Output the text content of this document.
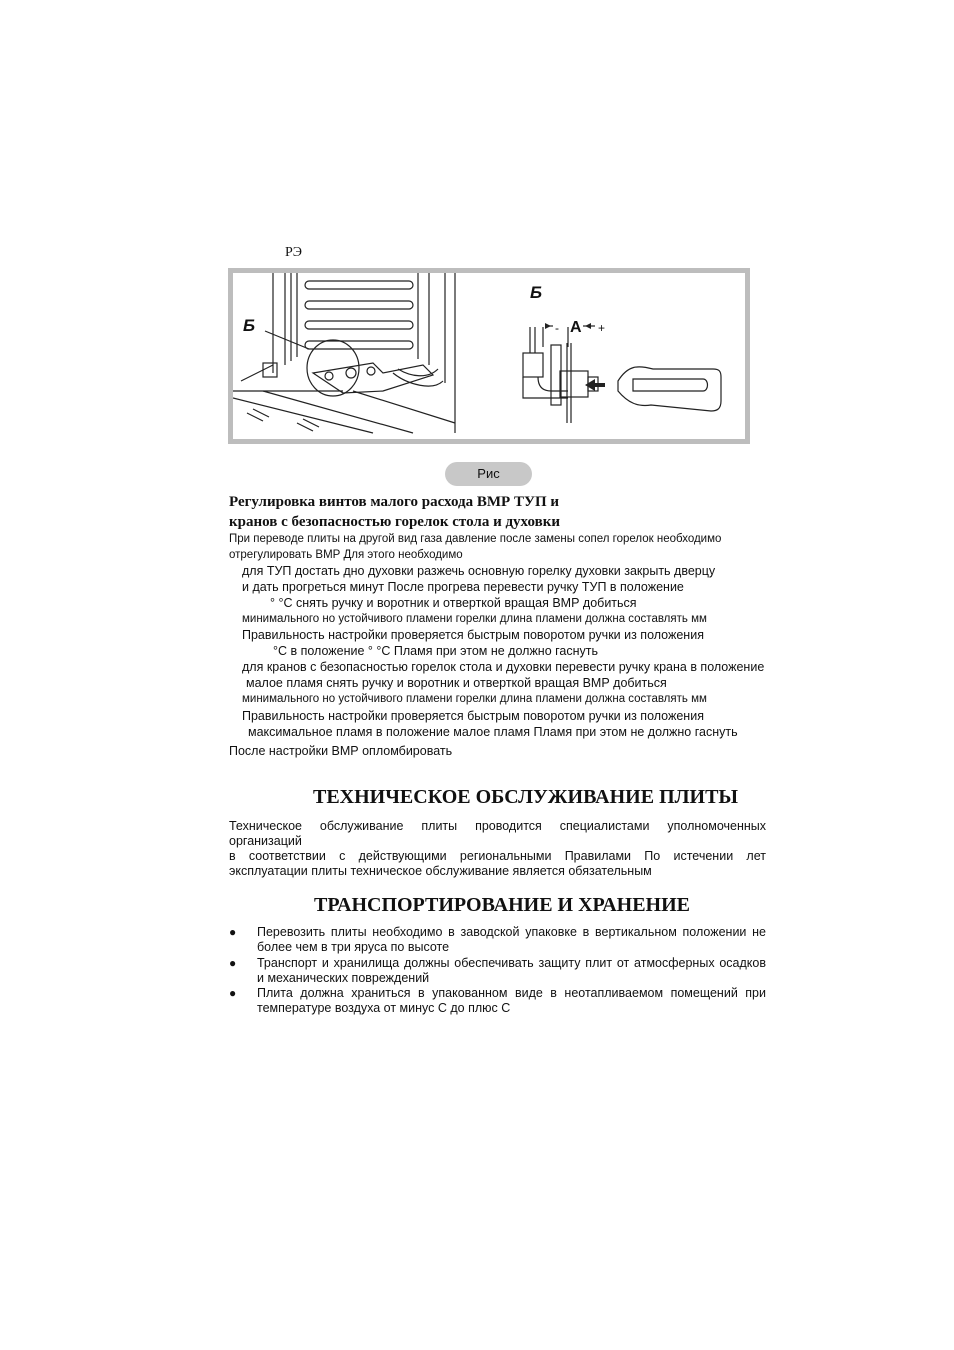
РЭ
Б
Б
A
-	+
Рис
Регулировка винтов малого расхода ВМР ТУП и
кранов с безопасностью горелок стола и духовки
При переводе плиты на другой вид газа давление после замены сопел горелок необходимо
отрегулировать ВМР Для этого необходимо
для ТУП достать дно духовки разжечь основную горелку духовки закрыть дверцу
и дать прогреться минут После прогрева перевести ручку ТУП в положение
° °С снять ручку и воротник и отверткой вращая ВМР добиться
минимального но устойчивого пламени горелки длина пламени должна составлять мм
Правильность настройки проверяется быстрым поворотом ручки из положения
°С в положение ° °С Пламя при этом не должно гаснуть
для кранов с безопасностью горелок стола и духовки перевести ручку крана в положение
малое пламя снять ручку и воротник и отверткой вращая ВМР добиться
минимального но устойчивого пламени горелки длина пламени должна составлять мм
Правильность настройки проверяется быстрым поворотом ручки из положения
максимальное пламя в положение малое пламя Пламя при этом не должно гаснуть
После настройки ВМР опломбировать
ТЕХНИЧЕСКОЕ ОБСЛУЖИВАНИЕ ПЛИТЫ
Техническое обслуживание плиты проводится специалистами уполномоченных организаций
в соответствии с действующими региональными Правилами По истечении лет
эксплуатации плиты техническое обслуживание является обязательным
ТРАНСПОРТИРОВАНИЕ И ХРАНЕНИЕ
● Перевозить плиты необходимо в заводской упаковке в вертикальном положении не
более чем в три яруса по высоте
● Транспорт и хранилища должны обеспечивать защиту плит от атмосферных осадков
и механических повреждений
● Плита должна храниться в упакованном виде в неотапливаемом помещений при
температуре воздуха от минус С до плюс С
